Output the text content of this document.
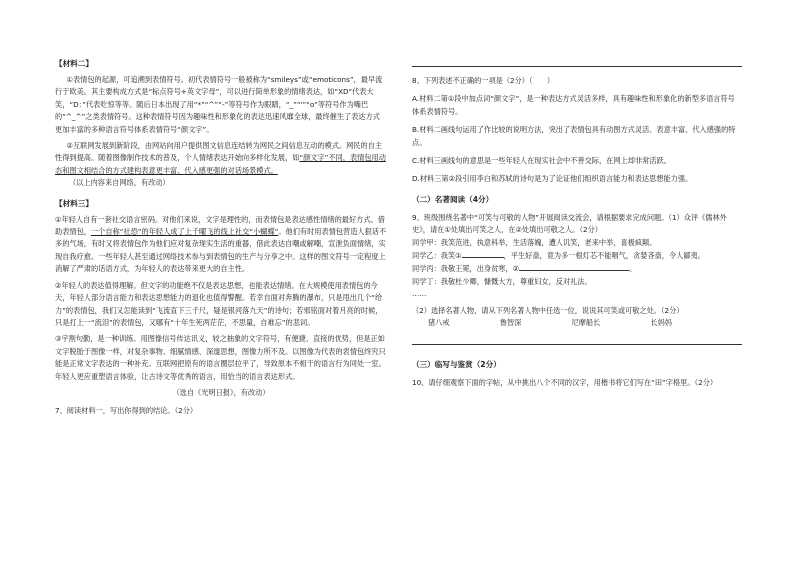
【材料二】

①表情包的起源，可追溯到表情符号。初代表情符号一般被称为“smileys”或“emoticons”，最早流行于欧美。其主要构成方式是“标点符号+英文字母”，可以进行简单形象的情绪表达，如“XD”代表大笑，“D：”代表吃惊等等。随后日本出现了用“*”“^”“-”等符号作为眼睛，“_”“'”“o”等符号作为嘴巴的“^_^”之类表情符号。这种表情符号因为趣味性和形象化的表达迅速风靡全球，最终催生了表达方式更加丰富的多种语言符号体系表情符号“颜文字”。

②互联网发展到新阶段，由网站向用户提供图文信息连结转为网民之间信息互动的模式。网民的自主性得到提高。随着图像制作技术的普及，个人情绪表达开始向多样化发展，如“颜文字”不同，表情包用动态和图文相结合的方式建构表意更丰富、代入感更强的对话场景模式。（以上内容来自网络，有改动）

【材料三】

①年轻人自有一套社交语言密码。对他们来说，文字是理性的，而表情包是表达感性情绪的最好方式。借助表情包，一个自称“社恐”的年轻人成了上千曜飞的线上社交“小蝴蝶”。他们有时用表情包营造人狠话不多的气场，有时又将表情包作为他们应对复杂现实生活的重器，借此表达自嘲或解嘲，宣泄负面情绪，实现自我疗愈。一些年轻人甚至通过网络技术参与到表情包的生产与分享之中。这样的图文符号一定程度上消解了严肃的话语方式，为年轻人的表达带来更大的自主性。

②年轻人的表达值得理解。但文字的功能绝不仅是表达思想，也能表达情绪。在大规模使用表情包的今天，年轻人部分语言能力和表达思想能力的退化也值得警醒。若幸自面对奔腾的瀑布，只是甩出几个“给力”的表情包，我们又怎能读到“飞流直下三千尺，疑是银河落九天”的诗句；若邪铭面对着月亮的时候，只是打上一“流泪”的表情包，又哪有“十年生死两茫茫，不思量，自难忘”的悲词。

③宇割句勤，是一种训练。用图像信号传达讯义，较之抽象的文字符号，有便捷、直接的优势，但是正如文字脱胎于图像一样，对复杂事物、细腻情感、深邃思想，图像力所不及。以图像为代表的表情包终究只能是正常文字表达的一种补充。互联网把原有的语言圈层拉平了，导致原本不相干的语言行为同处一室。年轻人更应重塑语言体验，让古诗文等优秀的语言，用恰当的语言表达形式。

（选自《光明日报》，有改动）

7、阅读材料一，写出你得到的结论。（2分）

8、下列表述不正确的一项是（2分）（　　）

A.材料二第①段中加点词“颜文字”，是一种表达方式灵活多样，具有趣味性和形象化的新型多语言符号体系表情符号。

B.材料二画线句运用了作比较的说明方法，突出了表情包具有动图方式灵活、表意丰富、代入感强的特点。

C.材料三画线句的意思是一些年轻人在现实社会中不善交际，在网上却非常活跃。

D.材料三第②段引用李白和苏轼的诗句是为了论证他们组织语言能力和表达思想能力强。

（二）名著阅读（4分）

9、班级围绕名著中“可笑与可敬的人物”开展阅读交流会，请根据要求完成问题。（1）众评《儒林外史》，请在①处填出可笑之人，在②处填出可敬之人。（2分）

同学甲：我笑范进，执意科举，生活落魄，遭人讥笑，老来中举，喜极疯颠。

同学乙：我笑①	，平生好啬，竟为多一根灯芯不能咽气，贪婪吝啬，令人鄙夷。

同学丙：我敬王冕，出身贫寒，②	。

同学丁：我敬杜少卿，慷慨大方，尊重妇女，反对礼法。

……

（2）选择名著人物，请从下列名著人物中任选一位，说说其可笑或可敬之处。（2分）

猪八戒	鲁智深	尼摩船长	长妈妈

（三）临写与鉴赏（2分）

10、请仔细观察下面的字帖，从中挑出八个不同的汉字，用楷书将它们写在“田”字格里。（2分）
